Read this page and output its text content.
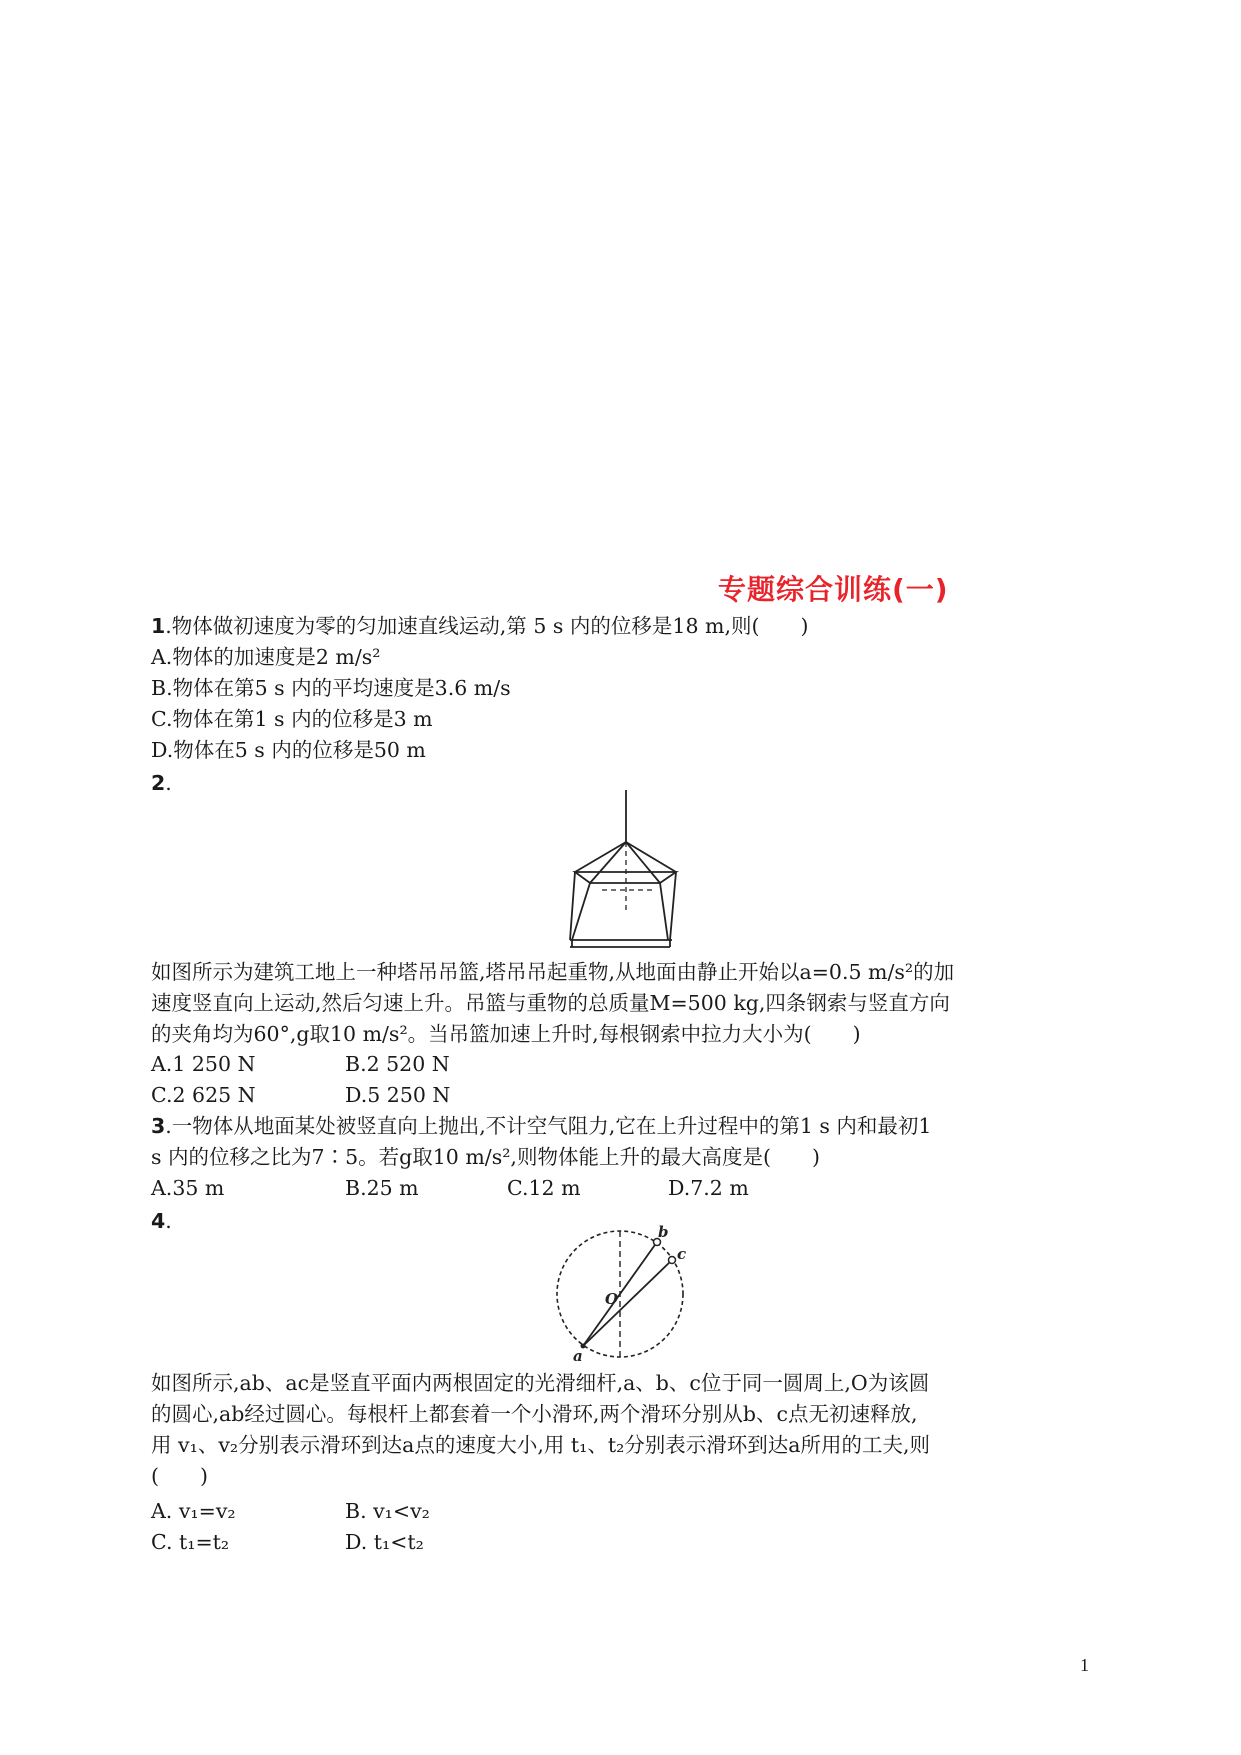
专题综合训练(一)
1.物体做初速度为零的匀加速直线运动,第 5 s 内的位移是18 m,则(　　)
A.物体的加速度是2 m/s²
B.物体在第5 s 内的平均速度是3.6 m/s
C.物体在第1 s 内的位移是3 m
D.物体在5 s 内的位移是50 m
2.
如图所示为建筑工地上一种塔吊吊篮,塔吊吊起重物,从地面由静止开始以a=0.5 m/s²的加
速度竖直向上运动,然后匀速上升。吊篮与重物的总质量M=500 kg,四条钢索与竖直方向
的夹角均为60°,g取10 m/s²。当吊篮加速上升时,每根钢索中拉力大小为(　　)
A.1 250 N	B.2 520 N
C.2 625 N	D.5 250 N
3.一物体从地面某处被竖直向上抛出,不计空气阻力,它在上升过程中的第1 s 内和最初1
s 内的位移之比为7∶5。若g取10 m/s²,则物体能上升的最大高度是(　　)
A.35 m	B.25 m	C.12 m	D.7.2 m
4.	b
c
O
a
如图所示,ab、ac是竖直平面内两根固定的光滑细杆,a、b、c位于同一圆周上,O为该圆
的圆心,ab经过圆心。每根杆上都套着一个小滑环,两个滑环分别从b、c点无初速释放,
用 v₁、v₂分别表示滑环到达a点的速度大小,用 t₁、t₂分别表示滑环到达a所用的工夫,则
(　　)
A. v₁=v₂	B. v₁<v₂
C. t₁=t₂	D. t₁<t₂
1
